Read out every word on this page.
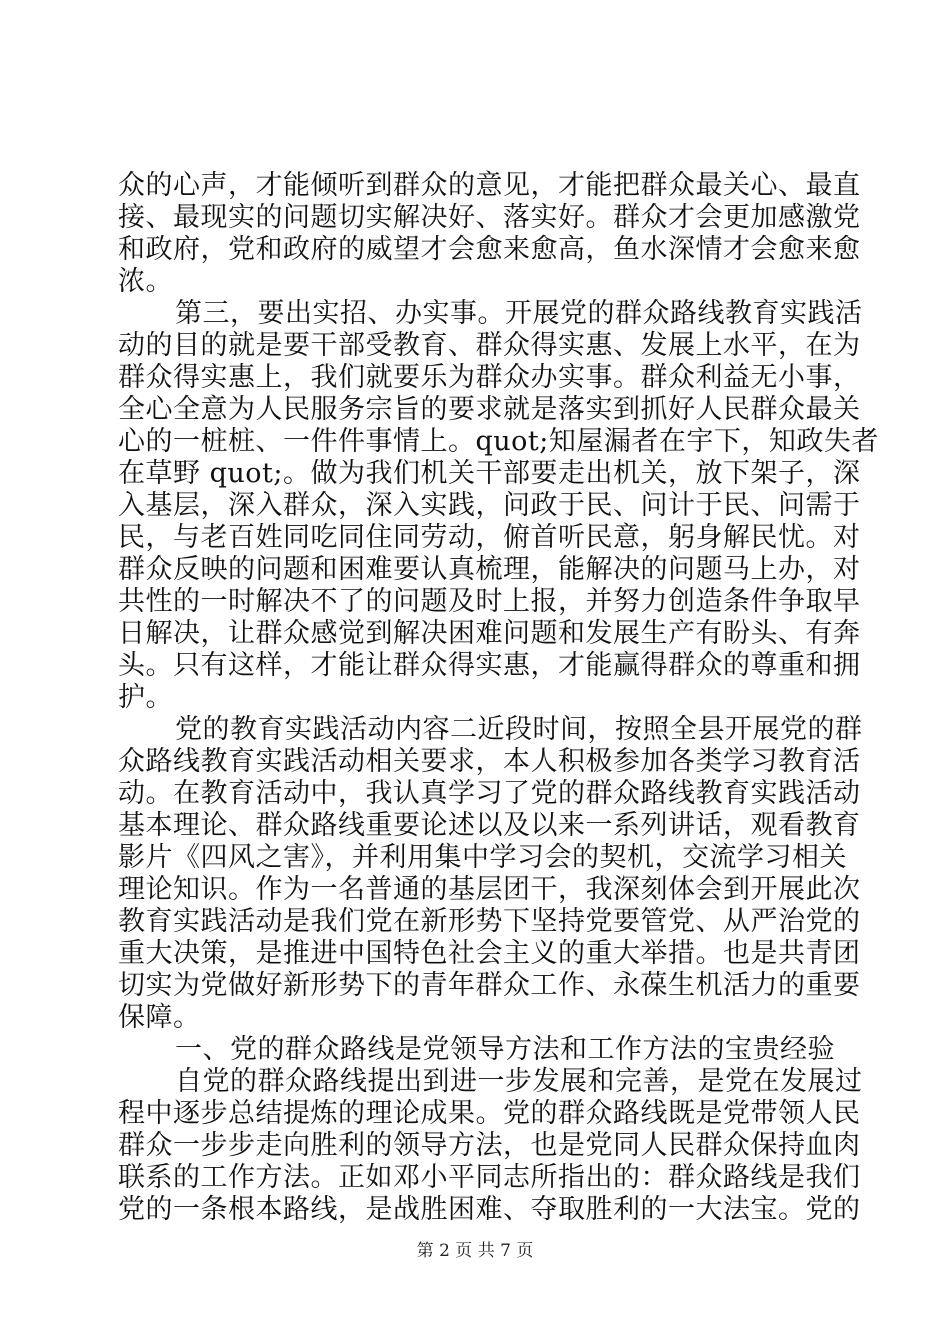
众的心声，才能倾听到群众的意见，才能把群众最关心、最直
接、最现实的问题切实解决好、落实好。群众才会更加感激党
和政府，党和政府的威望才会愈来愈高，鱼水深情才会愈来愈
浓。

第三，要出实招、办实事。开展党的群众路线教育实践活
动的目的就是要干部受教育、群众得实惠、发展上水平，在为
群众得实惠上，我们就要乐为群众办实事。群众利益无小事，
全心全意为人民服务宗旨的要求就是落实到抓好人民群众最关
心的一桩桩、一件件事情上。quot;知屋漏者在宇下，知政失者
在草野 quot;。做为我们机关干部要走出机关，放下架子，深
入基层，深入群众，深入实践，问政于民、问计于民、问需于
民，与老百姓同吃同住同劳动，俯首听民意，躬身解民忧。对
群众反映的问题和困难要认真梳理，能解决的问题马上办，对
共性的一时解决不了的问题及时上报，并努力创造条件争取早
日解决，让群众感觉到解决困难问题和发展生产有盼头、有奔
头。只有这样，才能让群众得实惠，才能赢得群众的尊重和拥
护。

党的教育实践活动内容二近段时间，按照全县开展党的群
众路线教育实践活动相关要求，本人积极参加各类学习教育活
动。在教育活动中，我认真学习了党的群众路线教育实践活动
基本理论、群众路线重要论述以及以来一系列讲话，观看教育
影片《四风之害》，并利用集中学习会的契机，交流学习相关
理论知识。作为一名普通的基层团干，我深刻体会到开展此次
教育实践活动是我们党在新形势下坚持党要管党、从严治党的
重大决策，是推进中国特色社会主义的重大举措。也是共青团
切实为党做好新形势下的青年群众工作、永葆生机活力的重要
保障。

一、党的群众路线是党领导方法和工作方法的宝贵经验

自党的群众路线提出到进一步发展和完善，是党在发展过
程中逐步总结提炼的理论成果。党的群众路线既是党带领人民
群众一步步走向胜利的领导方法，也是党同人民群众保持血肉
联系的工作方法。正如邓小平同志所指出的：群众路线是我们
党的一条根本路线，是战胜困难、夺取胜利的一大法宝。党的

第 2 页 共 7 页
